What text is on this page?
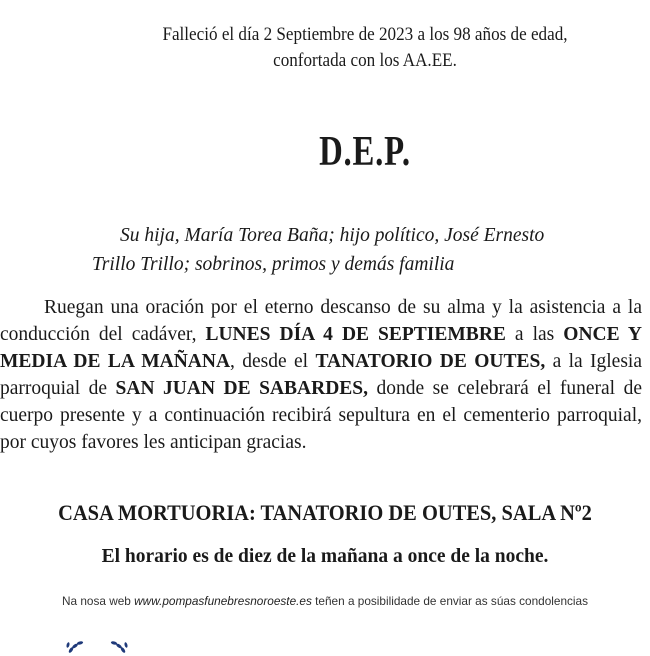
Falleció el día 2 Septiembre de 2023 a los 98 años de edad,
confortada con los AA.EE.
D.E.P.
Su hija, María Torea Baña; hijo político, José Ernesto
Trillo Trillo; sobrinos, primos y demás familia
Ruegan una oración por el eterno descanso de su alma y la asistencia a la conducción del cadáver, LUNES DÍA 4 DE SEPTIEMBRE a las ONCE Y MEDIA DE LA MAÑANA, desde el TANATORIO DE OUTES, a la Iglesia parroquial de SAN JUAN DE SABARDES, donde se celebrará el funeral de cuerpo presente y a continuación recibirá sepultura en el cementerio parroquial, por cuyos favores les anticipan gracias.
CASA MORTUORIA: TANATORIO DE OUTES, SALA Nº2
El horario es de diez de la mañana a once de la noche.
Na nosa web www.pompasfunebresnoroeste.es teñen a posibilidade de enviar as súas condolencias
